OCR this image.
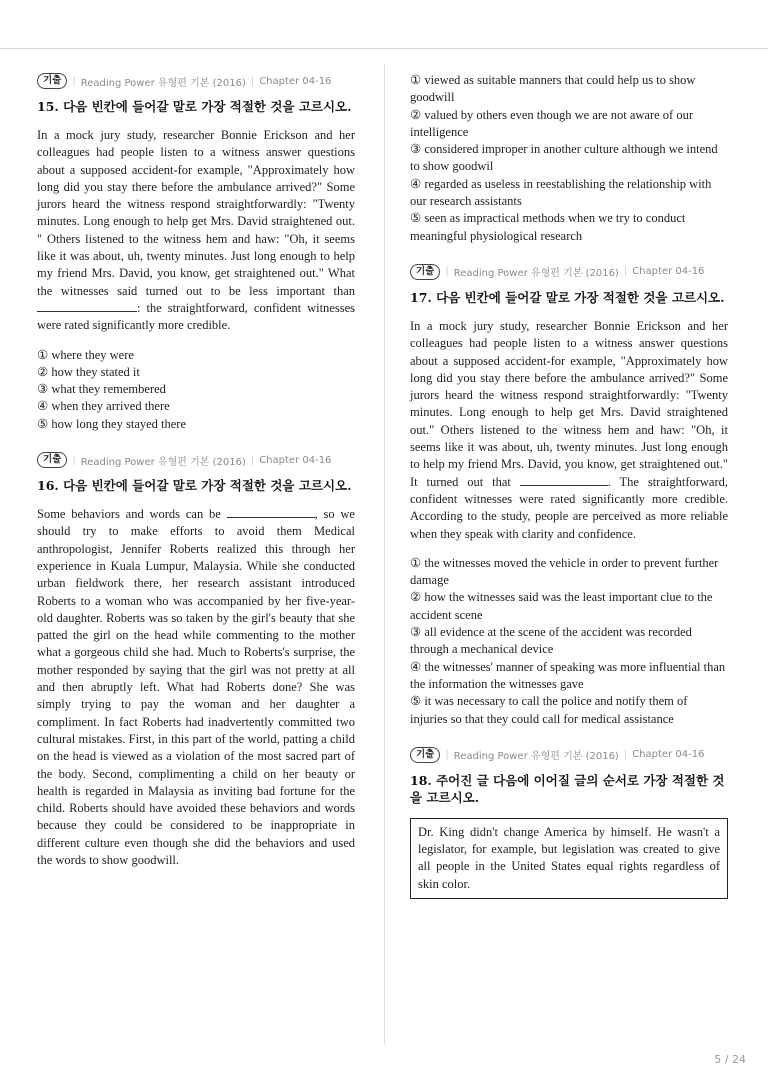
기출	| Reading Power 유형편 기본 (2016) | Chapter 04-16
15. 다음 빈칸에 들어갈 말로 가장 적절한 것을 고르시오.

In a mock jury study, researcher Bonnie Erickson and her colleagues had people listen to a witness answer questions about a supposed accident-for example, "Approximately how long did you stay there before the ambulance arrived?" Some jurors heard the witness respond straightforwardly: "Twenty minutes. Long enough to help get Mrs. David straightened out. " Others listened to the witness hem and haw: "Oh, it seems like it was about, uh, twenty minutes. Just long enough to help my friend Mrs. David, you know, get straightened out." What the witnesses said turned out to be less important than : the straightforward, confident witnesses were rated significantly more credible.

① where they were
② how they stated it
③ what they remembered
④ when they arrived there
⑤ how long they stayed there
기출	| Reading Power 유형편 기본 (2016) | Chapter 04-16
16. 다음 빈칸에 들어갈 말로 가장 적절한 것을 고르시오.

Some behaviors and words can be	, so we should try to make efforts to avoid them Medical anthropologist, Jennifer Roberts realized this through her experience in Kuala Lumpur, Malaysia. While she conducted urban fieldwork there, her research assistant introduced Roberts to a woman who was accompanied by her five-year-old daughter. Roberts was so taken by the girl's beauty that she patted the girl on the head while commenting to the mother what a gorgeous child she had. Much to Roberts's surprise, the mother responded by saying that the girl was not pretty at all and then abruptly left. What had Roberts done? She was simply trying to pay the woman and her daughter a compliment. In fact Roberts had inadvertently committed two cultural mistakes. First, in this part of the world, patting a child on the head is viewed as a violation of the most sacred part of the body. Second, complimenting a child on her beauty or health is regarded in Malaysia as inviting bad fortune for the child. Roberts should have avoided these behaviors and words because they could be considered to be inappropriate in different culture even though she did the behaviors and used the words to show goodwill.

① viewed as suitable manners that could help us to show goodwill
② valued by others even though we are not aware of our intelligence
③ considered improper in another culture although we intend to show goodwil
④ regarded as useless in reestablishing the relationship with our research assistants
⑤ seen as impractical methods when we try to conduct meaningful physiological research
기출	| Reading Power 유형편 기본 (2016) | Chapter 04-16
17. 다음 빈칸에 들어갈 말로 가장 적절한 것을 고르시오.

In a mock jury study, researcher Bonnie Erickson and her colleagues had people listen to a witness answer questions about a supposed accident-for example, "Approximately how long did you stay there before the ambulance arrived?" Some jurors heard the witness respond straightforwardly: "Twenty minutes. Long enough to help get Mrs. David straightened out." Others listened to the witness hem and haw: "Oh, it seems like it was about, uh, twenty minutes. Just long enough to help my friend Mrs. David, you know, get straightened out." It turned out that	. The straightforward, confident witnesses were rated significantly more credible. According to the study, people are perceived as more reliable when they speak with clarity and confidence.

① the witnesses moved the vehicle in order to prevent further damage
② how the witnesses said was the least important clue to the accident scene
③ all evidence at the scene of the accident was recorded through a mechanical device
④ the witnesses' manner of speaking was more influential than the information the witnesses gave
⑤ it was necessary to call the police and notify them of injuries so that they could call for medical assistance
기출	| Reading Power 유형편 기본 (2016) | Chapter 04-16
18. 주어진 글 다음에 이어질 글의 순서로 가장 적절한 것을 고르시오.
Dr. King didn't change America by himself. He wasn't a legislator, for example, but legislation was created to give all people in the United States equal rights regardless of skin color.
5 / 24
